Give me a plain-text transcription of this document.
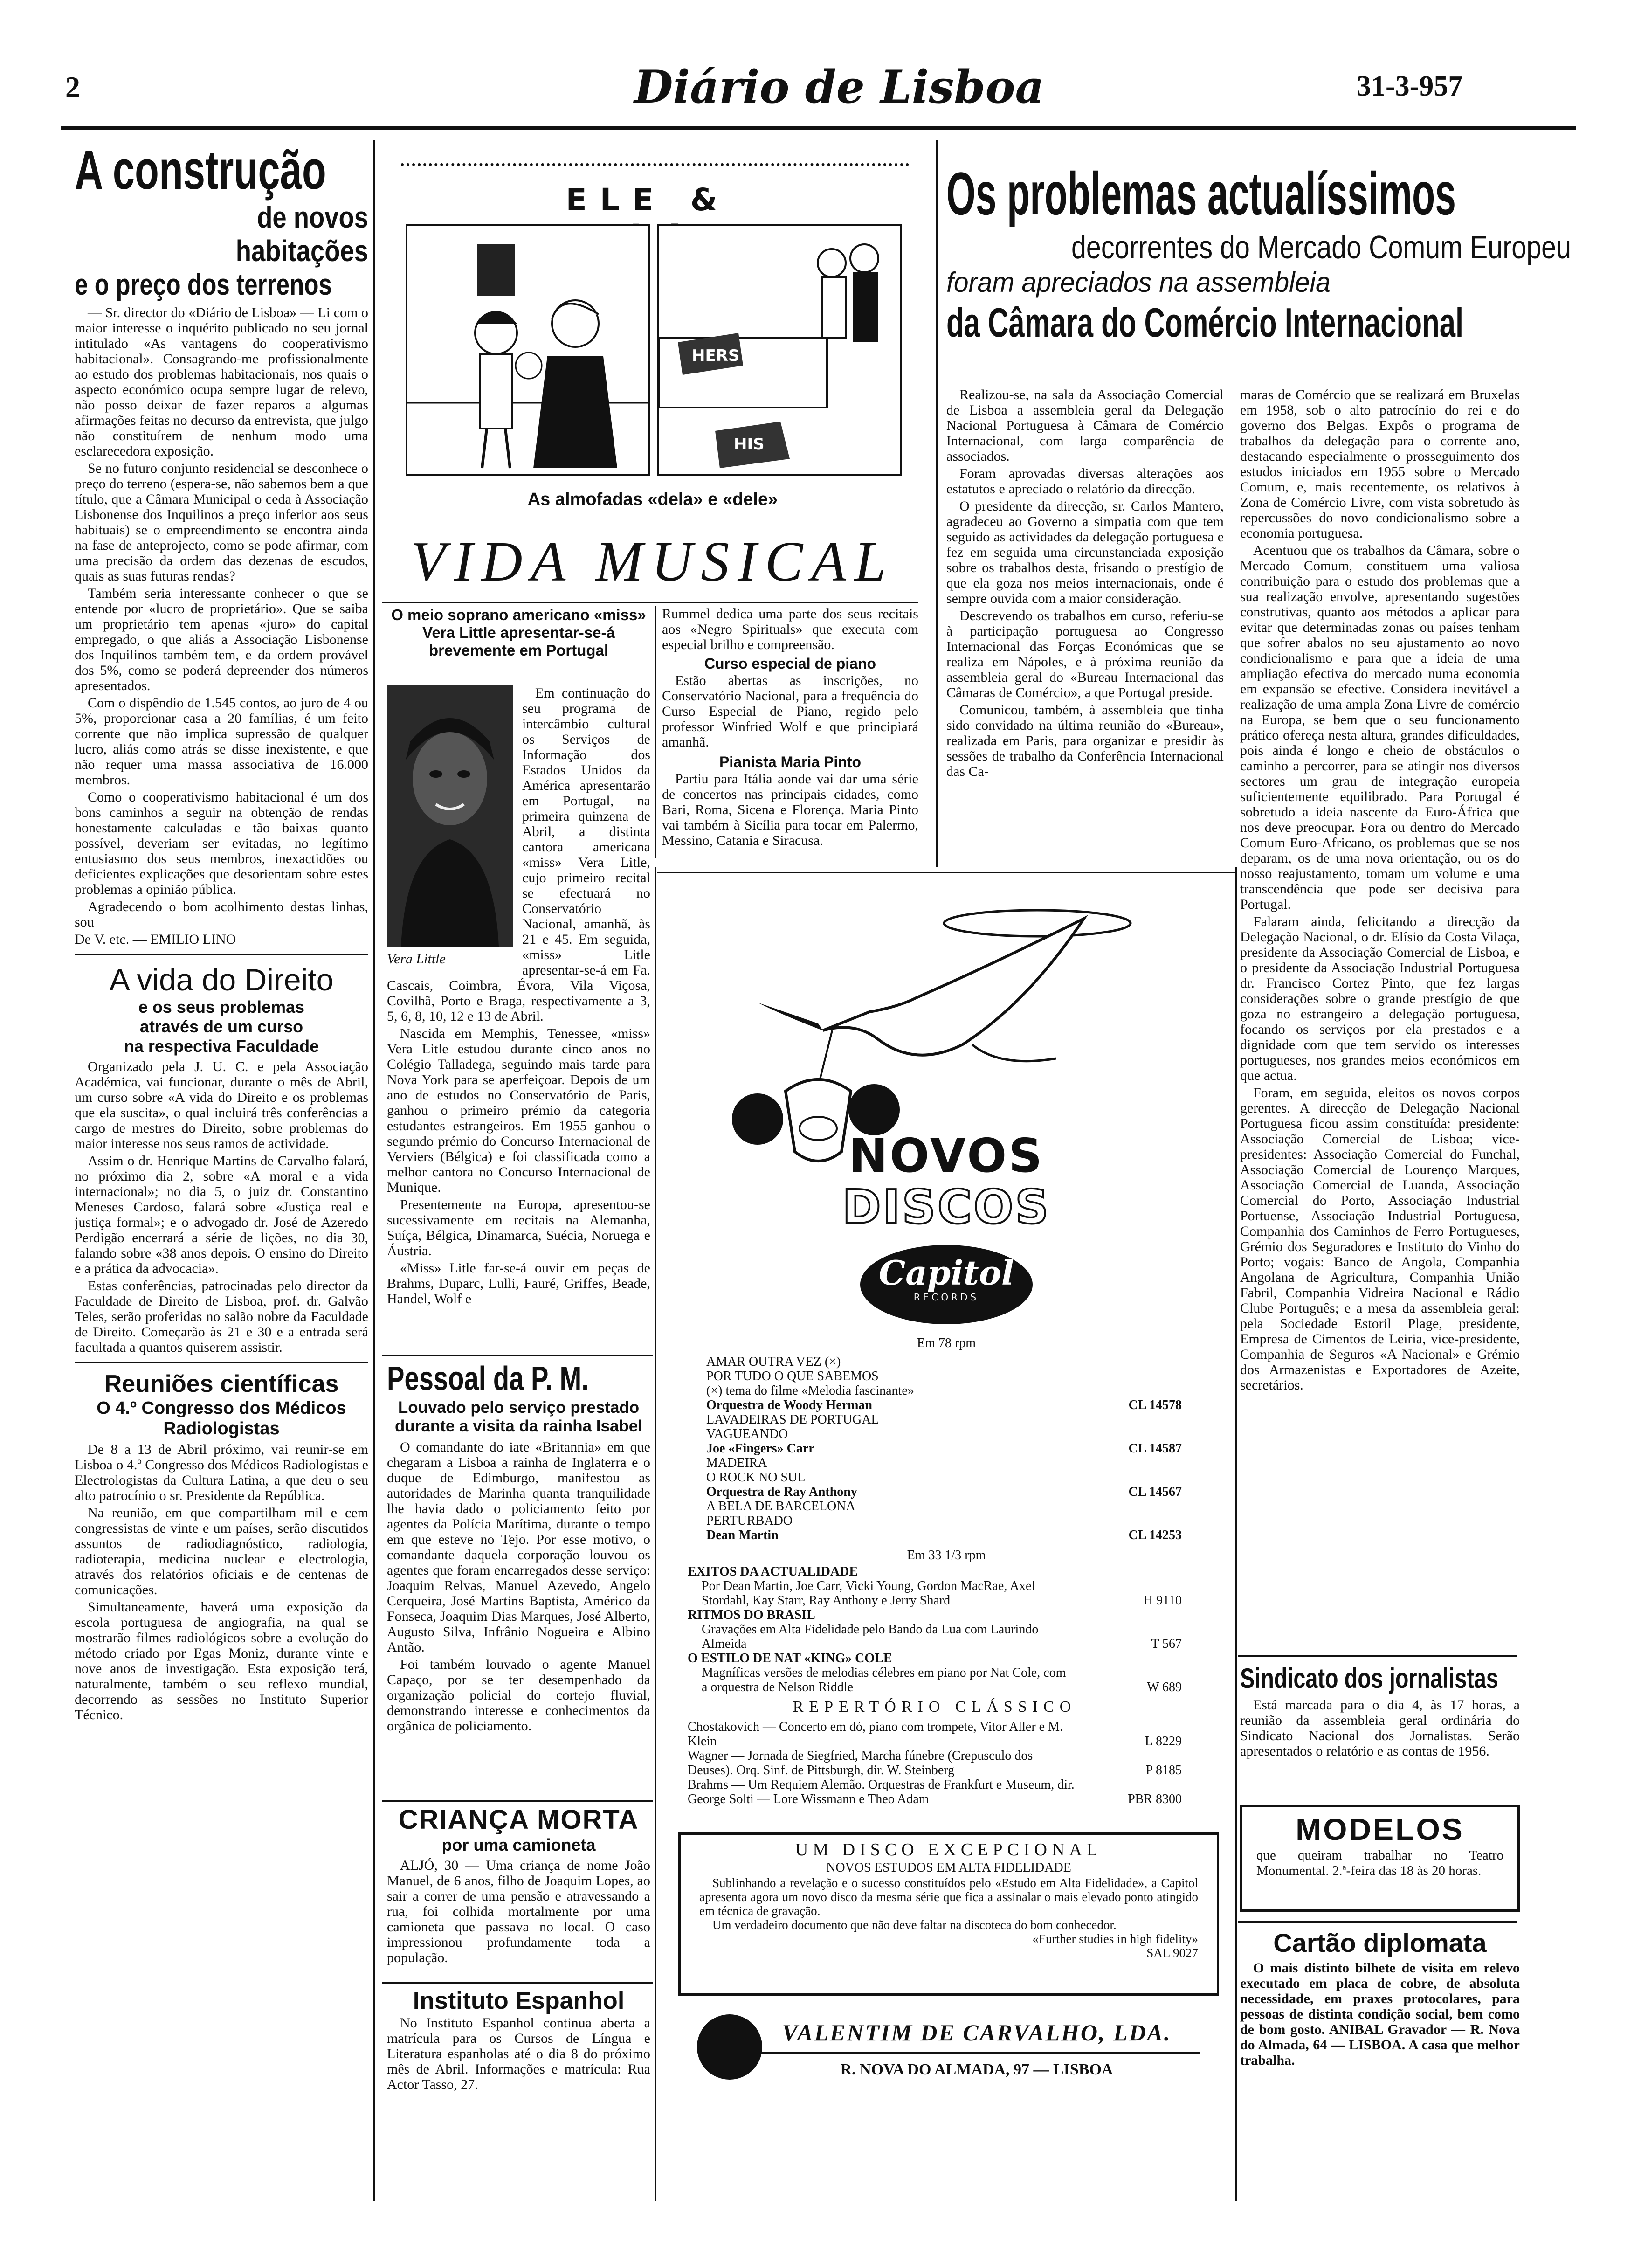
2	Diário de Lisboa	31-3-957
A construção
de novos habitações
e o preço dos terrenos

— Sr. director do «Diário de Lisboa» — Li com o maior interesse o inquérito publicado no seu jornal intitulado «As vantagens do cooperativismo habitacional». Consagrando-me profissionalmente ao estudo dos problemas habitacionais, nos quais o aspecto económico ocupa sempre lugar de relevo, não posso deixar de fazer reparos a algumas afirmações feitas no decurso da entrevista, que julgo não constituírem de nenhum modo uma esclarecedora exposição.

Se no futuro conjunto residencial se desconhece o preço do terreno (espera-se, não sabemos bem a que título, que a Câmara Municipal o ceda à Associação Lisbonense dos Inquilinos a preço inferior aos seus habituais) se o empreendimento se encontra ainda na fase de anteprojecto, como se pode afirmar, com uma precisão da ordem das dezenas de escudos, quais as suas futuras rendas?

Também seria interessante conhecer o que se entende por «lucro de proprietário». Que se saiba um proprietário tem apenas «juro» do capital empregado, o que aliás a Associação Lisbonense dos Inquilinos também tem, e da ordem provável dos 5%, como se poderá depreender dos números apresentados.

Com o dispêndio de 1.545 contos, ao juro de 4 ou 5%, proporcionar casa a 20 famílias, é um feito corrente que não implica supressão de qualquer lucro, aliás como atrás se disse inexistente, e que não requer uma massa associativa de 16.000 membros.

Como o cooperativismo habitacional é um dos bons caminhos a seguir na obtenção de rendas honestamente calculadas e tão baixas quanto possível, deveriam ser evitadas, no legítimo entusiasmo dos seus membros, inexactidões ou deficientes explicações que desorientam sobre estes problemas a opinião pública.

Agradecendo o bom acolhimento destas linhas, sou

De V. etc. — EMILIO LINO

A vida do Direito
e os seus problemas
através de um curso
na respectiva Faculdade

Organizado pela J. U. C. e pela Associação Académica, vai funcionar, durante o mês de Abril, um curso sobre «A vida do Direito e os problemas que ela suscita», o qual incluirá três conferências a cargo de mestres do Direito, sobre problemas do maior interesse nos seus ramos de actividade.

Assim o dr. Henrique Martins de Carvalho falará, no próximo dia 2, sobre «A moral e a vida internacional»; no dia 5, o juiz dr. Constantino Meneses Cardoso, falará sobre «Justiça real e justiça formal»; e o advogado dr. José de Azeredo Perdigão encerrará a série de lições, no dia 30, falando sobre «38 anos depois. O ensino do Direito e a prática da advocacia».

Estas conferências, patrocinadas pelo director da Faculdade de Direito de Lisboa, prof. dr. Galvão Teles, serão proferidas no salão nobre da Faculdade de Direito. Começarão às 21 e 30 e a entrada será facultada a quantos quiserem assistir.

Reuniões científicas
O 4.º Congresso dos Médicos
Radiologistas

De 8 a 13 de Abril próximo, vai reunir-se em Lisboa o 4.º Congresso dos Médicos Radiologistas e Electrologistas da Cultura Latina, a que deu o seu alto patrocínio o sr. Presidente da República.

Na reunião, em que compartilham mil e cem congressistas de vinte e um países, serão discutidos assuntos de radiodiagnóstico, radiologia, radioterapia, medicina nuclear e electrologia, através dos relatórios oficiais e de centenas de comunicações.

Simultaneamente, haverá uma exposição da escola portuguesa de angiografia, na qual se mostrarão filmes radiológicos sobre a evolução do método criado por Egas Moniz, durante vinte e nove anos de investigação. Esta exposição terá, naturalmente, também o seu reflexo mundial, decorrendo as sessões no Instituto Superior Técnico.

ELE &
HERS
HIS
As almofadas «dela» e «dele»
VIDA MUSICAL
O meio soprano americano «miss» Vera Little apresentar-se-á brevemente em Portugal
Vera Little

Em continuação do seu programa de intercâmbio cultural os Serviços de Informação dos Estados Unidos da América apresentarão em Portugal, na primeira quinzena de Abril, a distinta cantora americana «miss» Vera Litle, cujo primeiro recital se efectuará no Conservatório Nacional, amanhã, às 21 e 45. Em seguida, «miss» Litle apresentar-se-á em Fa. Cascais, Coimbra, Évora, Vila Viçosa, Covilhã, Porto e Braga, respectivamente a 3, 5, 6, 8, 10, 12 e 13 de Abril.

Nascida em Memphis, Tenessee, «miss» Vera Litle estudou durante cinco anos no Colégio Talladega, seguindo mais tarde para Nova York para se aperfeiçoar. Depois de um ano de estudos no Conservatório de Paris, ganhou o primeiro prémio da categoria estudantes estrangeiros. Em 1955 ganhou o segundo prémio do Concurso Internacional de Verviers (Bélgica) e foi classificada como a melhor cantora no Concurso Internacional de Munique.

Presentemente na Europa, apresentou-se sucessivamente em recitais na Alemanha, Suíça, Bélgica, Dinamarca, Suécia, Noruega e Áustria.

«Miss» Litle far-se-á ouvir em peças de Brahms, Duparc, Lulli, Fauré, Griffes, Beade, Handel, Wolf e

Rummel dedica uma parte dos seus recitais aos «Negro Spirituals» que executa com especial brilho e compreensão.

Curso especial de piano

Estão abertas as inscrições, no Conservatório Nacional, para a frequência do Curso Especial de Piano, regido pelo professor Winfried Wolf e que principiará amanhã.

Pianista Maria Pinto

Partiu para Itália aonde vai dar uma série de concertos nas principais cidades, como Bari, Roma, Sicena e Florença. Maria Pinto vai também à Sicília para tocar em Palermo, Messino, Catania e Siracusa.

Pessoal da P. M.
Louvado pelo serviço prestado durante a visita da rainha Isabel

O comandante do iate «Britannia» em que chegaram a Lisboa a rainha de Inglaterra e o duque de Edimburgo, manifestou as autoridades de Marinha quanta tranquilidade lhe havia dado o policiamento feito por agentes da Polícia Marítima, durante o tempo em que esteve no Tejo. Por esse motivo, o comandante daquela corporação louvou os agentes que foram encarregados desse serviço: Joaquim Relvas, Manuel Azevedo, Angelo Cerqueira, José Martins Baptista, Américo da Fonseca, Joaquim Dias Marques, José Alberto, Augusto Silva, Infrânio Nogueira e Albino Antão.

Foi também louvado o agente Manuel Capaço, por se ter desempenhado da organização policial do cortejo fluvial, demonstrando interesse e conhecimentos da orgânica de policiamento.

CRIANÇA MORTA
por uma camioneta

ALJÓ, 30 — Uma criança de nome João Manuel, de 6 anos, filho de Joaquim Lopes, ao sair a correr de uma pensão e atravessando a rua, foi colhida mortalmente por uma camioneta que passava no local. O caso impressionou profundamente toda a população.

Instituto Espanhol

No Instituto Espanhol continua aberta a matrícula para os Cursos de Língua e Literatura espanholas até o dia 8 do próximo mês de Abril. Informações e matrícula: Rua Actor Tasso, 27.

NOVOS
DISCOS
Capitol
RECORDS
Em 78 rpm
AMAR OUTRA VEZ (×)
POR TUDO O QUE SABEMOS
(×) tema do filme «Melodia fascinante»
Orquestra de Woody Herman	CL 14578
LAVADEIRAS DE PORTUGAL
VAGUEANDO
Joe «Fingers» Carr	CL 14587
MADEIRA
O ROCK NO SUL
Orquestra de Ray Anthony	CL 14567
A BELA DE BARCELONA
PERTURBADO
Dean Martin	CL 14253
Em 33 1/3 rpm
EXITOS DA ACTUALIDADE
Por Dean Martin, Joe Carr, Vicki Young, Gordon MacRae, Axel Stordahl, Kay Starr, Ray Anthony e Jerry Shard	H 9110
RITMOS DO BRASIL
Gravações em Alta Fidelidade pelo Bando da Lua com Laurindo Almeida	T 567
O ESTILO DE NAT «KING» COLE
Magníficas versões de melodias célebres em piano por Nat Cole, com a orquestra de Nelson Riddle	W 689
REPERTÓRIO CLÁSSICO
Chostakovich — Concerto em dó, piano com trompete, Vitor Aller e M. Klein	L 8229
Wagner — Jornada de Siegfried, Marcha fúnebre (Crepusculo dos Deuses). Orq. Sinf. de Pittsburgh, dir. W. Steinberg	P 8185
Brahms — Um Requiem Alemão. Orquestras de Frankfurt e Museum, dir. George Solti — Lore Wissmann e Theo Adam	PBR 8300
UM DISCO EXCEPCIONAL
NOVOS ESTUDOS EM ALTA FIDELIDADE
Sublinhando a revelação e o sucesso constituídos pelo «Estudo em Alta Fidelidade», a Capitol apresenta agora um novo disco da mesma série que fica a assinalar o mais elevado ponto atingido em técnica de gravação.
Um verdadeiro documento que não deve faltar na discoteca do bom conhecedor.
«Further studies in high fidelity»
SAL 9027
VALENTIM DE CARVALHO, LDA.
R. NOVA DO ALMADA, 97 — LISBOA
Os problemas actualíssimos
decorrentes do Mercado Comum Europeu
foram apreciados na assembleia
da Câmara do Comércio Internacional

Realizou-se, na sala da Associação Comercial de Lisboa a assembleia geral da Delegação Nacional Portuguesa à Câmara de Comércio Internacional, com larga comparência de associados.

Foram aprovadas diversas alterações aos estatutos e apreciado o relatório da direcção.

O presidente da direcção, sr. Carlos Mantero, agradeceu ao Governo a simpatia com que tem seguido as actividades da delegação portuguesa e fez em seguida uma circunstanciada exposição sobre os trabalhos desta, frisando o prestígio de que ela goza nos meios internacionais, onde é sempre ouvida com a maior consideração.

Descrevendo os trabalhos em curso, referiu-se à participação portuguesa ao Congresso Internacional das Forças Económicas que se realiza em Nápoles, e à próxima reunião da assembleia geral do «Bureau Internacional das Câmaras de Comércio», a que Portugal preside.

Comunicou, também, à assembleia que tinha sido convidado na última reunião do «Bureau», realizada em Paris, para organizar e presidir às sessões de trabalho da Conferência Internacional das Ca-

maras de Comércio que se realizará em Bruxelas em 1958, sob o alto patrocínio do rei e do governo dos Belgas. Expôs o programa de trabalhos da delegação para o corrente ano, destacando especialmente o prosseguimento dos estudos iniciados em 1955 sobre o Mercado Comum, e, mais recentemente, os relativos à Zona de Comércio Livre, com vista sobretudo às repercussões do novo condicionalismo sobre a economia portuguesa.

Acentuou que os trabalhos da Câmara, sobre o Mercado Comum, constituem uma valiosa contribuição para o estudo dos problemas que a sua realização envolve, apresentando sugestões construtivas, quanto aos métodos a aplicar para evitar que determinadas zonas ou países tenham que sofrer abalos no seu ajustamento ao novo condicionalismo e para que a ideia de uma ampliação efectiva do mercado numa economia em expansão se efective. Considera inevitável a realização de uma ampla Zona Livre de comércio na Europa, se bem que o seu funcionamento prático ofereça nesta altura, grandes dificuldades, pois ainda é longo e cheio de obstáculos o caminho a percorrer, para se atingir nos diversos sectores um grau de integração europeia suficientemente equilibrado. Para Portugal é sobretudo a ideia nascente da Euro-África que nos deve preocupar. Fora ou dentro do Mercado Comum Euro-Africano, os problemas que se nos deparam, os de uma nova orientação, ou os do nosso reajustamento, tomam um volume e uma transcendência que pode ser decisiva para Portugal.

Falaram ainda, felicitando a direcção da Delegação Nacional, o dr. Elísio da Costa Vilaça, presidente da Associação Comercial de Lisboa, e o presidente da Associação Industrial Portuguesa dr. Francisco Cortez Pinto, que fez largas considerações sobre o grande prestígio de que goza no estrangeiro a delegação portuguesa, focando os serviços por ela prestados e a dignidade com que tem servido os interesses portugueses, nos grandes meios económicos em que actua.

Foram, em seguida, eleitos os novos corpos gerentes. A direcção de Delegação Nacional Portuguesa ficou assim constituída: presidente: Associação Comercial de Lisboa; vice-presidentes: Associação Comercial do Funchal, Associação Comercial de Lourenço Marques, Associação Comercial de Luanda, Associação Comercial do Porto, Associação Industrial Portuense, Associação Industrial Portuguesa, Companhia dos Caminhos de Ferro Portugueses, Grémio dos Seguradores e Instituto do Vinho do Porto; vogais: Banco de Angola, Companhia Angolana de Agricultura, Companhia União Fabril, Companhia Vidreira Nacional e Rádio Clube Português; e a mesa da assembleia geral: pela Sociedade Estoril Plage, presidente, Empresa de Cimentos de Leiria, vice-presidente, Companhia de Seguros «A Nacional» e Grémio dos Armazenistas e Exportadores de Azeite, secretários.

Sindicato dos jornalistas

Está marcada para o dia 4, às 17 horas, a reunião da assembleia geral ordinária do Sindicato Nacional dos Jornalistas. Serão apresentados o relatório e as contas de 1956.

MODELOS
que queiram trabalhar no Teatro Monumental. 2.ª-feira das 18 às 20 horas.
Cartão diplomata

O mais distinto bilhete de visita em relevo executado em placa de cobre, de absoluta necessidade, em praxes protocolares, para pessoas de distinta condição social, bem como de bom gosto. ANIBAL Gravador — R. Nova do Almada, 64 — LISBOA. A casa que melhor trabalha.
